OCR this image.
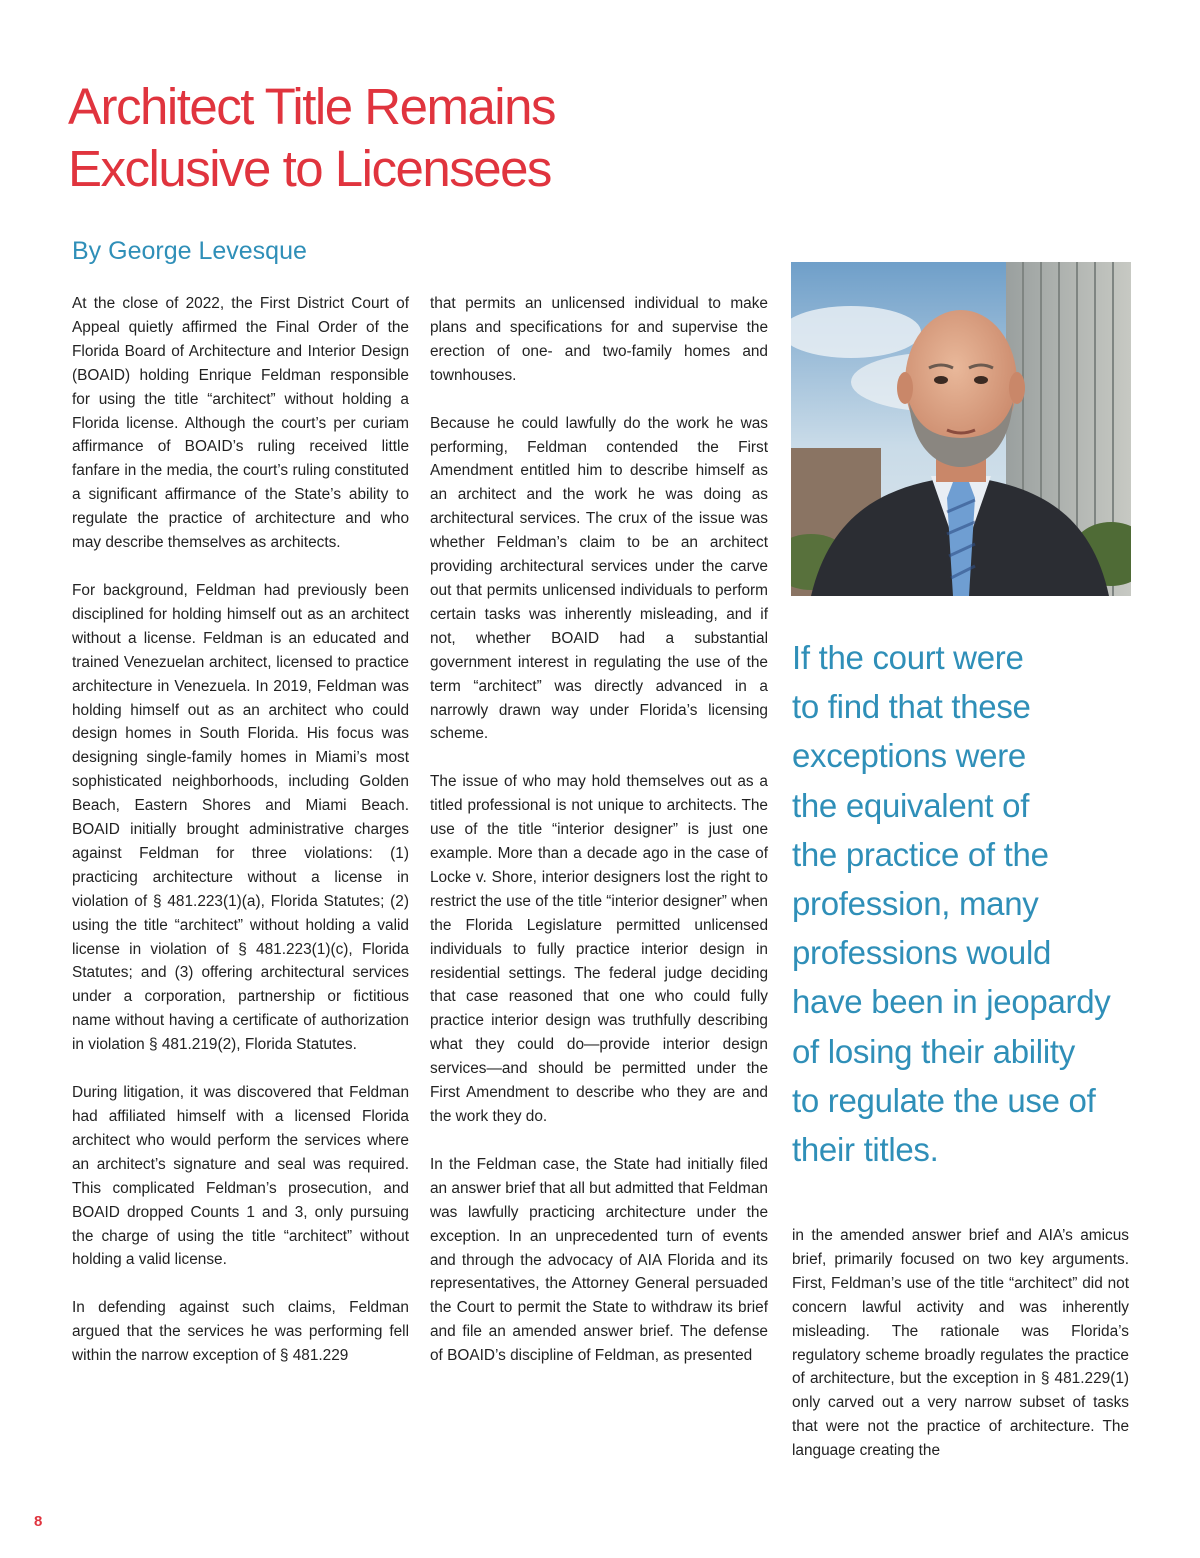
Architect Title Remains
Exclusive to Licensees
By George Levesque

At the close of 2022, the First District Court of Appeal quietly affirmed the Final Order of the Florida Board of Architecture and Interior Design (BOAID) holding Enrique Feldman responsible for using the title “architect” without holding a Florida license. Although the court’s per curiam affirmance of BOAID’s ruling received little fanfare in the media, the court’s ruling constituted a significant affirmance of the State’s ability to regulate the practice of architecture and who may describe themselves as architects.

For background, Feldman had previously been disciplined for holding himself out as an architect without a license. Feldman is an educated and trained Venezuelan architect, licensed to practice architecture in Venezuela. In 2019, Feldman was holding himself out as an architect who could design homes in South Florida. His focus was designing single-family homes in Miami’s most sophisticated neighborhoods, including Golden Beach, Eastern Shores and Miami Beach. BOAID initially brought administrative charges against Feldman for three violations: (1) practicing architecture without a license in violation of § 481.223(1)(a), Florida Statutes; (2) using the title “architect” without holding a valid license in violation of § 481.223(1)(c), Florida Statutes; and (3) offering architectural services under a corporation, partnership or fictitious name without having a certificate of authorization in violation § 481.219(2), Florida Statutes.

During litigation, it was discovered that Feldman had affiliated himself with a licensed Florida architect who would perform the services where an architect’s signature and seal was required. This complicated Feldman’s prosecution, and BOAID dropped Counts 1 and 3, only pursuing the charge of using the title “architect” without holding a valid license.

In defending against such claims, Feldman argued that the services he was performing fell within the narrow exception of § 481.229

that permits an unlicensed individual to make plans and specifications for and supervise the erection of one- and two-family homes and townhouses.

Because he could lawfully do the work he was performing, Feldman contended the First Amendment entitled him to describe himself as an architect and the work he was doing as architectural services. The crux of the issue was whether Feldman’s claim to be an architect providing architectural services under the carve out that permits unlicensed individuals to perform certain tasks was inherently misleading, and if not, whether BOAID had a substantial government interest in regulating the use of the term “architect” was directly advanced in a narrowly drawn way under Florida’s licensing scheme.

The issue of who may hold themselves out as a titled professional is not unique to architects. The use of the title “interior designer” is just one example. More than a decade ago in the case of Locke v. Shore, interior designers lost the right to restrict the use of the title “interior designer” when the Florida Legislature permitted unlicensed individuals to fully practice interior design in residential settings. The federal judge deciding that case reasoned that one who could fully practice interior design was truthfully describing what they could do—provide interior design services—and should be permitted under the First Amendment to describe who they are and the work they do.

In the Feldman case, the State had initially filed an answer brief that all but admitted that Feldman was lawfully practicing architecture under the exception. In an unprecedented turn of events and through the advocacy of AIA Florida and its representatives, the Attorney General persuaded the Court to permit the State to withdraw its brief and file an amended answer brief. The defense of BOAID’s discipline of Feldman, as presented

If the court were
to find that these
exceptions were
the equivalent of
the practice of the
profession, many
professions would
have been in jeopardy
of losing their ability
to regulate the use of
their titles.

in the amended answer brief and AIA’s amicus brief, primarily focused on two key arguments. First, Feldman’s use of the title “architect” did not concern lawful activity and was inherently misleading. The rationale was Florida’s regulatory scheme broadly regulates the practice of architecture, but the exception in § 481.229(1) only carved out a very narrow subset of tasks that were not the practice of architecture. The language creating the

8
